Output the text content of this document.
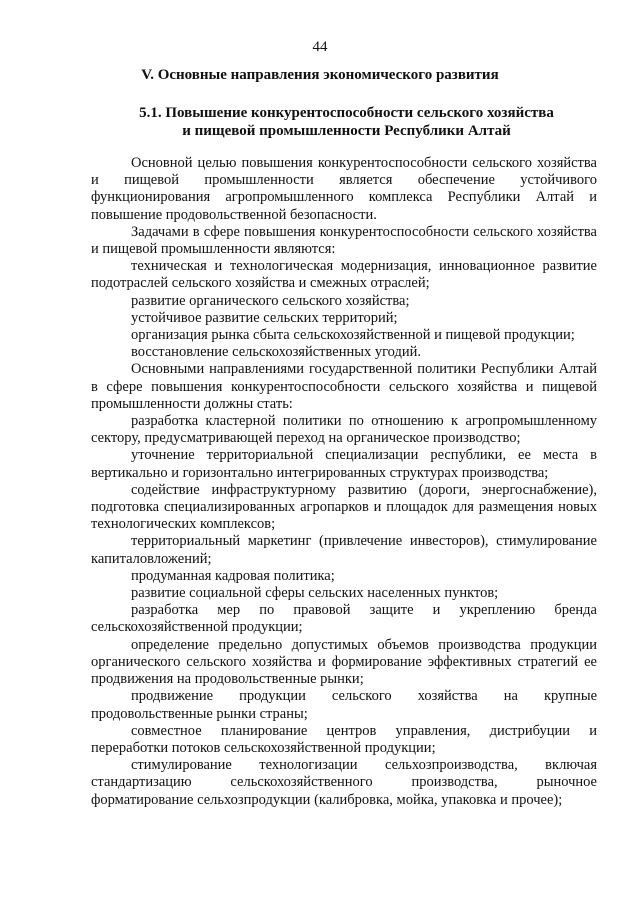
44
V. Основные направления экономического развития
5.1. Повышение конкурентоспособности сельского хозяйства
и пищевой промышленности Республики Алтай

Основной целью повышения конкурентоспособности сельского хозяйства и пищевой промышленности является обеспечение устойчивого функционирования агропромышленного комплекса Республики Алтай и повышение продовольственной безопасности.

Задачами в сфере повышения конкурентоспособности сельского хозяйства и пищевой промышленности являются:

техническая и технологическая модернизация, инновационное развитие подотраслей сельского хозяйства и смежных отраслей;

развитие органического сельского хозяйства;

устойчивое развитие сельских территорий;

организация рынка сбыта сельскохозяйственной и пищевой продукции;

восстановление сельскохозяйственных угодий.

Основными направлениями государственной политики Республики Алтай в сфере повышения конкурентоспособности сельского хозяйства и пищевой промышленности должны стать:

разработка кластерной политики по отношению к агропромышленному сектору, предусматривающей переход на органическое производство;

уточнение территориальной специализации республики, ее места в вертикально и горизонтально интегрированных структурах производства;

содействие инфраструктурному развитию (дороги, энергоснабжение), подготовка специализированных агропарков и площадок для размещения новых технологических комплексов;

территориальный маркетинг (привлечение инвесторов), стимулирование капиталовложений;

продуманная кадровая политика;

развитие социальной сферы сельских населенных пунктов;

разработка мер по правовой защите и укреплению бренда сельскохозяйственной продукции;

определение предельно допустимых объемов производства продукции органического сельского хозяйства и формирование эффективных стратегий ее продвижения на продовольственные рынки;

продвижение продукции сельского хозяйства на крупные продовольственные рынки страны;

совместное планирование центров управления, дистрибуции и переработки потоков сельскохозяйственной продукции;

стимулирование технологизации сельхозпроизводства, включая стандартизацию сельскохозяйственного производства, рыночное форматирование сельхозпродукции (калибровка, мойка, упаковка и прочее);
